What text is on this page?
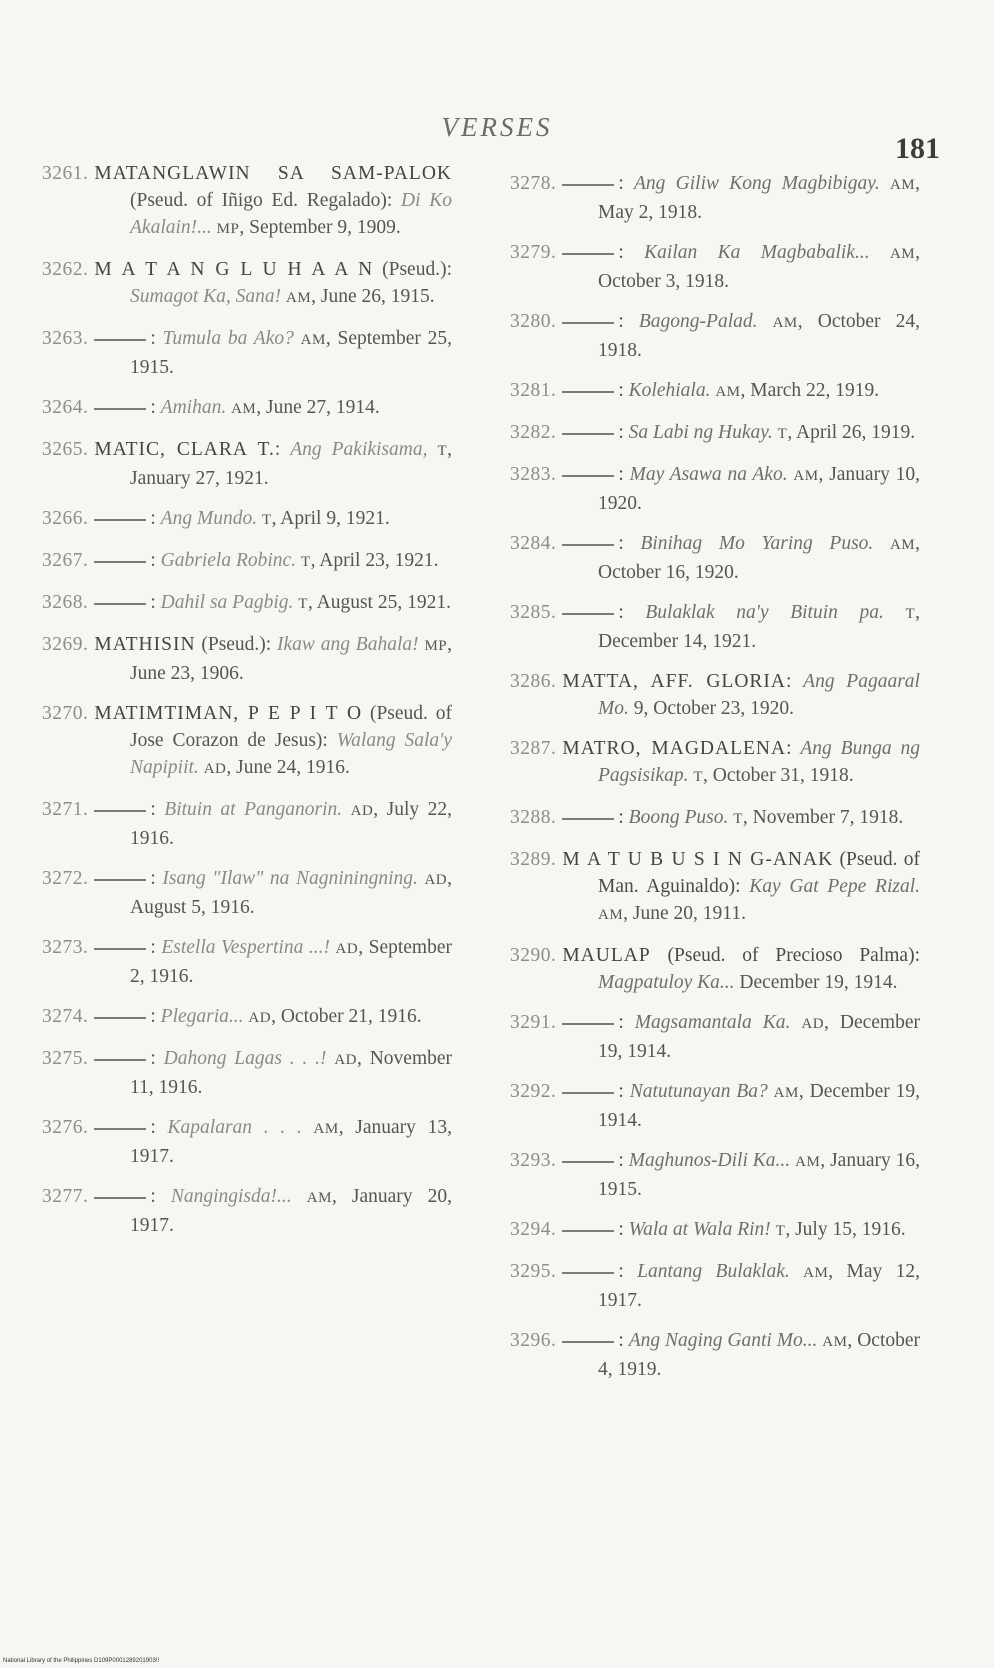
VERSES
181
3261. MATANGLAWIN SA SAM-PALOK (Pseud. of Iñigo Ed. Regalado): Di Ko Akalain!... MP, September 9, 1909.
3262. M A T A N G L U H A A N (Pseud.): Sumagot Ka, Sana! AM, June 26, 1915.
3263.	: Tumula ba Ako? AM, September 25, 1915.
3264.	: Amihan. AM, June 27, 1914.
3265. MATIC, CLARA T.: Ang Pakikisama, T, January 27, 1921.
3266.	: Ang Mundo. T, April 9, 1921.
3267.	: Gabriela Robinc. T, April 23, 1921.
3268.	: Dahil sa Pagbig. T, August 25, 1921.
3269. MATHISIN (Pseud.): Ikaw ang Bahala! MP, June 23, 1906.
3270. MATIMTIMAN, P E P I T O (Pseud. of Jose Corazon de Jesus): Walang Sala'y Napipiit. AD, June 24, 1916.
3271.	: Bituin at Panganorin. AD, July 22, 1916.
3272.	: Isang "Ilaw" na Nagniningning. AD, August 5, 1916.
3273.	: Estella Vespertina ...! AD, September 2, 1916.
3274.	: Plegaria... AD, October 21, 1916.
3275.	: Dahong Lagas . . .! AD, November 11, 1916.
3276.	: Kapalaran . . . AM, January 13, 1917.
3277.	: Nangingisda!... AM, January 20, 1917.
3278.	: Ang Giliw Kong Magbibigay. AM, May 2, 1918.
3279.	: Kailan Ka Magbabalik... AM, October 3, 1918.
3280.	: Bagong-Palad. AM, October 24, 1918.
3281.	: Kolehiala. AM, March 22, 1919.
3282.	: Sa Labi ng Hukay. T, April 26, 1919.
3283.	: May Asawa na Ako. AM, January 10, 1920.
3284.	: Binihag Mo Yaring Puso. AM, October 16, 1920.
3285.	: Bulaklak na'y Bituin pa. T, December 14, 1921.
3286. MATTA, AFF. GLORIA: Ang Pagaaral Mo. 9, October 23, 1920.
3287. MATRO, MAGDALENA: Ang Bunga ng Pagsisikap. T, October 31, 1918.
3288.	: Boong Puso. T, November 7, 1918.
3289. M A T U B U S I N G-ANAK (Pseud. of Man. Aguinaldo): Kay Gat Pepe Rizal. AM, June 20, 1911.
3290. MAULAP (Pseud. of Precioso Palma): Magpatuloy Ka... December 19, 1914.
3291.	: Magsamantala Ka. AD, December 19, 1914.
3292.	: Natutunayan Ba? AM, December 19, 1914.
3293.	: Maghunos-Dili Ka... AM, January 16, 1915.
3294.	: Wala at Wala Rin! T, July 15, 1916.
3295.	: Lantang Bulaklak. AM, May 12, 1917.
3296.	: Ang Naging Ganti Mo... AM, October 4, 1919.
National Library of the Philippines D109P0001289201903!!
